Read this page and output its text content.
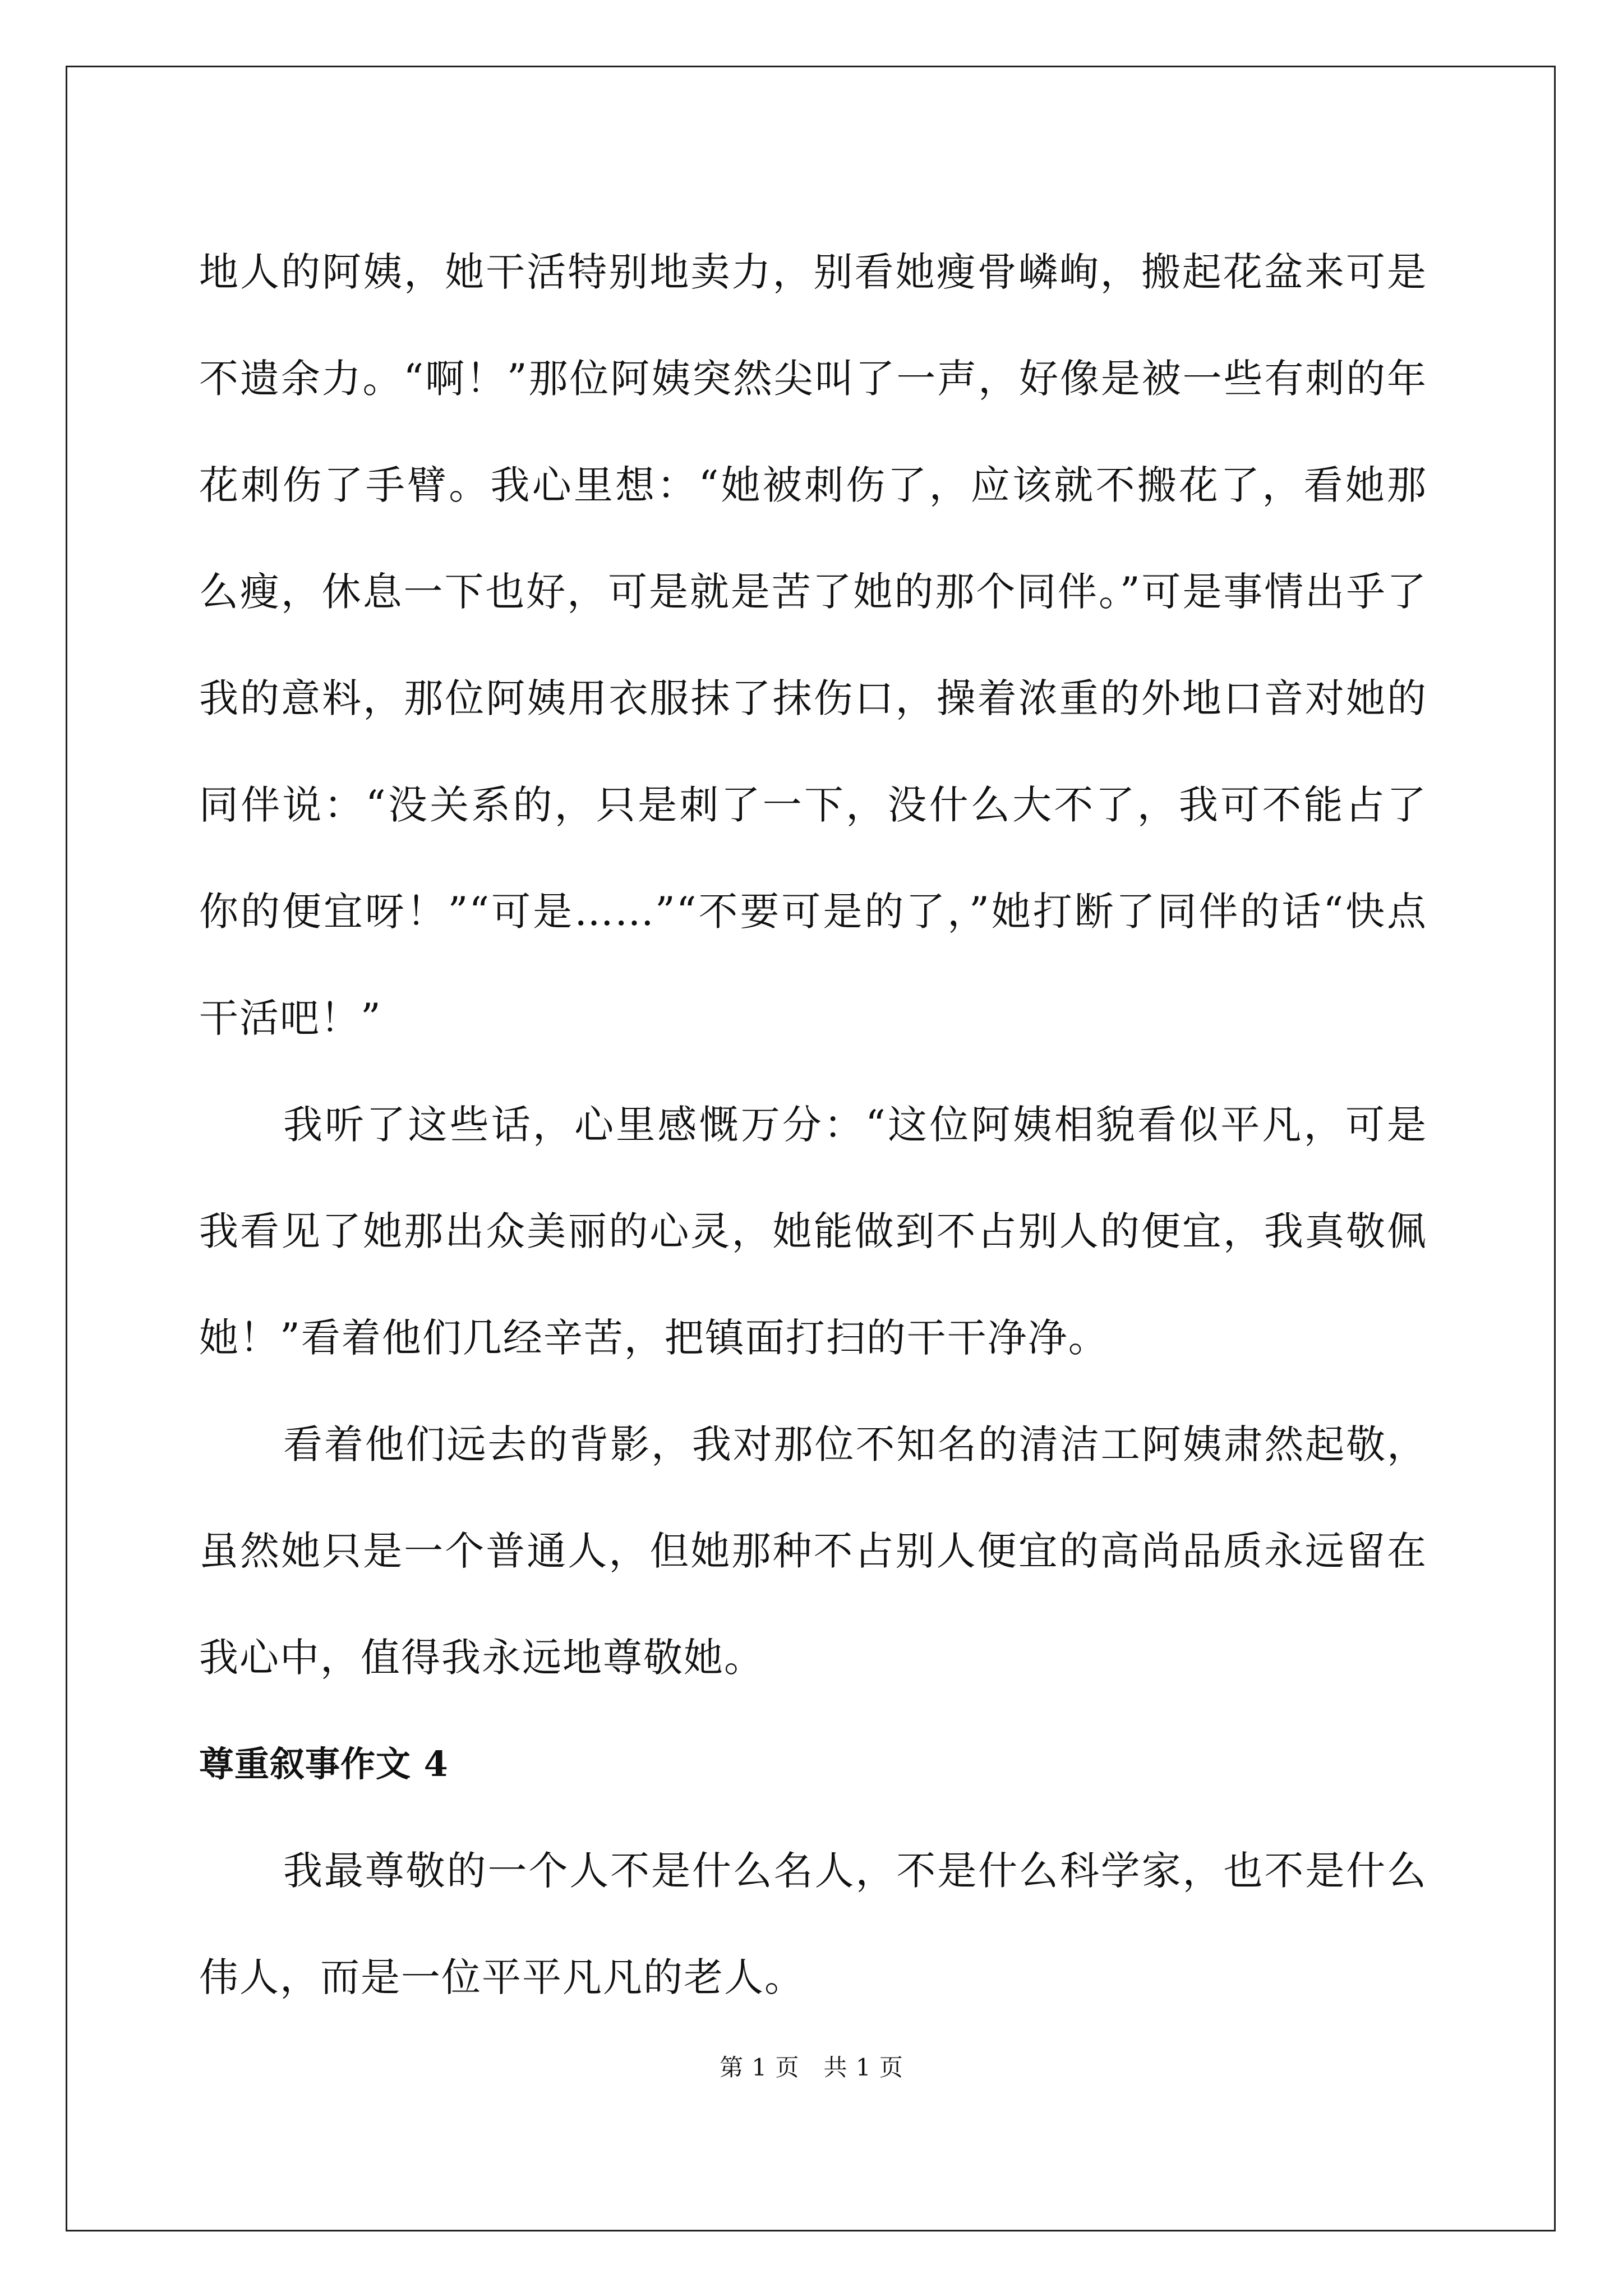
地人的阿姨，她干活特别地卖力，别看她瘦骨嶙峋，搬起花盆来可是不遗余力。“啊！”那位阿姨突然尖叫了一声，好像是被一些有刺的年花刺伤了手臂。我心里想：“她被刺伤了，应该就不搬花了，看她那么瘦，休息一下也好，可是就是苦了她的那个同伴。”可是事情出乎了我的意料，那位阿姨用衣服抹了抹伤口，操着浓重的外地口音对她的同伴说：“没关系的，只是刺了一下，没什么大不了，我可不能占了你的便宜呀！”“可是……”“不要可是的了，”她打断了同伴的话“快点干活吧！”

我听了这些话，心里感慨万分：“这位阿姨相貌看似平凡，可是我看见了她那出众美丽的心灵，她能做到不占别人的便宜，我真敬佩她！”看着他们几经辛苦，把镇面打扫的干干净净。

看着他们远去的背影，我对那位不知名的清洁工阿姨肃然起敬，虽然她只是一个普通人，但她那种不占别人便宜的高尚品质永远留在我心中，值得我永远地尊敬她。

尊重叙事作文 4

我最尊敬的一个人不是什么名人，不是什么科学家，也不是什么伟人，而是一位平平凡凡的老人。

第 1 页　共 1 页
